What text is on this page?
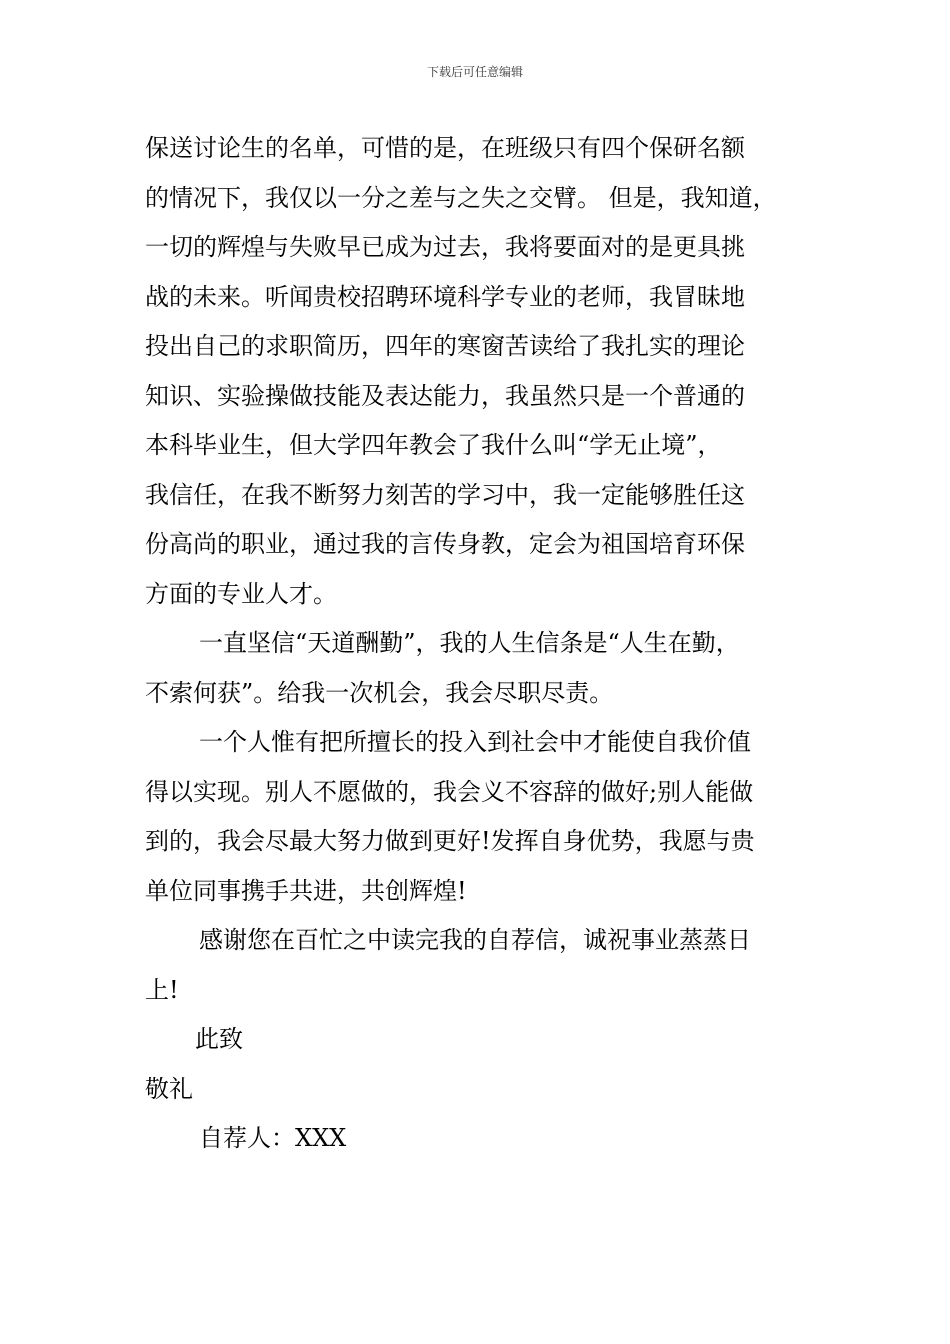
下载后可任意编辑
保送讨论生的名单，可惜的是，在班级只有四个保研名额
的情况下，我仅以一分之差与之失之交臂。 但是，我知道，
一切的辉煌与失败早已成为过去，我将要面对的是更具挑
战的未来。听闻贵校招聘环境科学专业的老师，我冒昧地
投出自己的求职简历，四年的寒窗苦读给了我扎实的理论
知识、实验操做技能及表达能力，我虽然只是一个普通的
本科毕业生，但大学四年教会了我什么叫“学无止境”，
我信任，在我不断努力刻苦的学习中，我一定能够胜任这
份高尚的职业，通过我的言传身教，定会为祖国培育环保
方面的专业人才。
一直坚信“天道酬勤”，我的人生信条是“人生在勤，
不索何获”。给我一次机会，我会尽职尽责。
一个人惟有把所擅长的投入到社会中才能使自我价值
得以实现。别人不愿做的，我会义不容辞的做好;别人能做
到的，我会尽最大努力做到更好!发挥自身优势，我愿与贵
单位同事携手共进，共创辉煌!
感谢您在百忙之中读完我的自荐信，诚祝事业蒸蒸日
上!
此致
敬礼
自荐人：XXX
